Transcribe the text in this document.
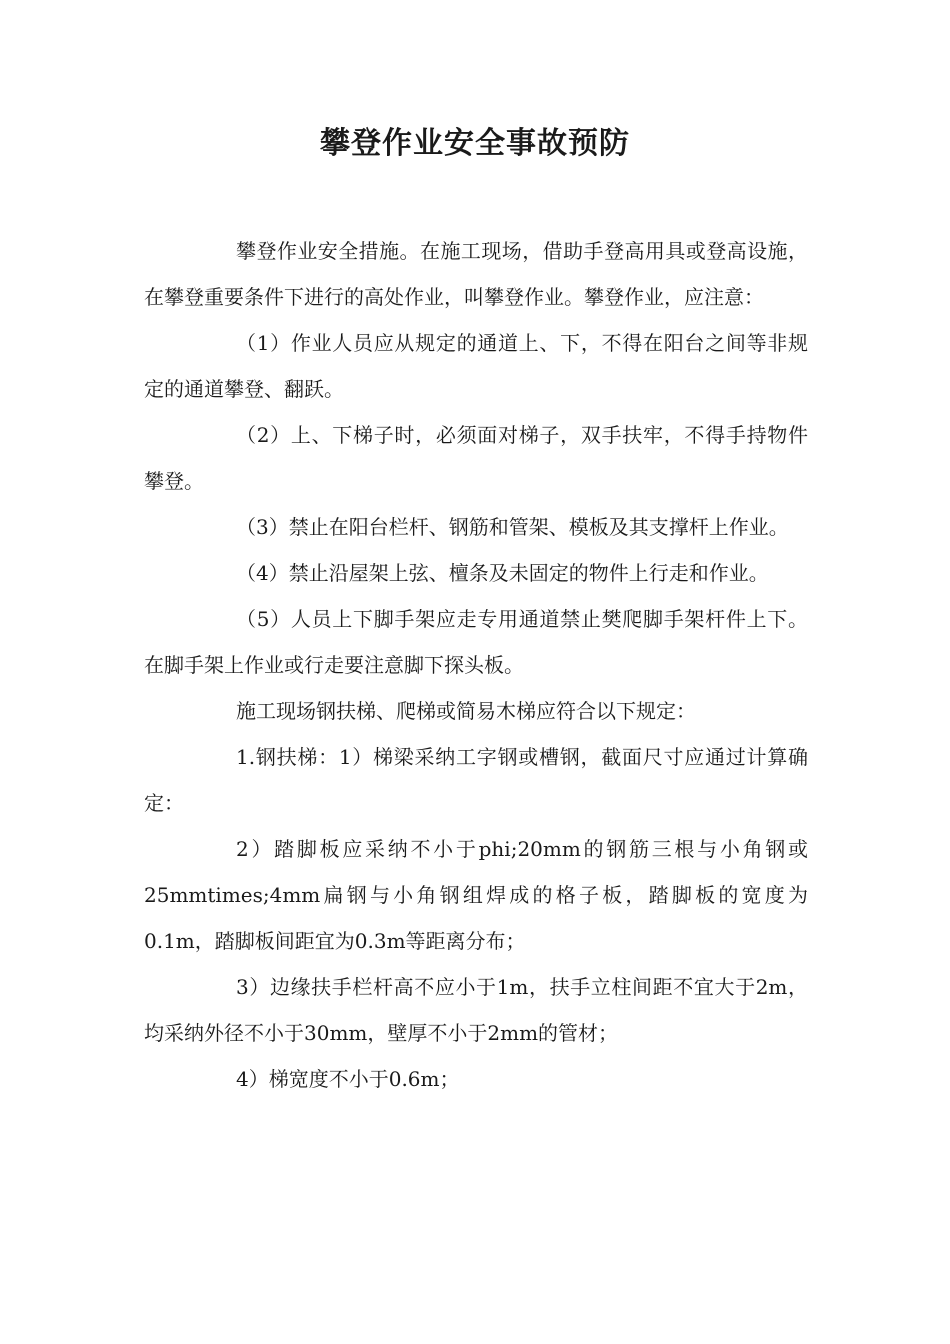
攀登作业安全事故预防

攀登作业安全措施。在施工现场，借助手登高用具或登高设施，在攀登重要条件下进行的高处作业，叫攀登作业。攀登作业，应注意：

（1）作业人员应从规定的通道上、下，不得在阳台之间等非规定的通道攀登、翻跃。

（2）上、下梯子时，必须面对梯子，双手扶牢，不得手持物件攀登。

（3）禁止在阳台栏杆、钢筋和管架、模板及其支撑杆上作业。

（4）禁止沿屋架上弦、檀条及未固定的物件上行走和作业。

（5）人员上下脚手架应走专用通道禁止樊爬脚手架杆件上下。在脚手架上作业或行走要注意脚下探头板。

施工现场钢扶梯、爬梯或简易木梯应符合以下规定：

1.钢扶梯：1）梯梁采纳工字钢或槽钢，截面尺寸应通过计算确定：

2）踏脚板应采纳不小于phi;20mm的钢筋三根与小角钢或25mmtimes;4mm扁钢与小角钢组焊成的格子板，踏脚板的宽度为0.1m，踏脚板间距宜为0.3m等距离分布；

3）边缘扶手栏杆高不应小于1m，扶手立柱间距不宜大于2m，均采纳外径不小于30mm，壁厚不小于2mm的管材；

4）梯宽度不小于0.6m；
